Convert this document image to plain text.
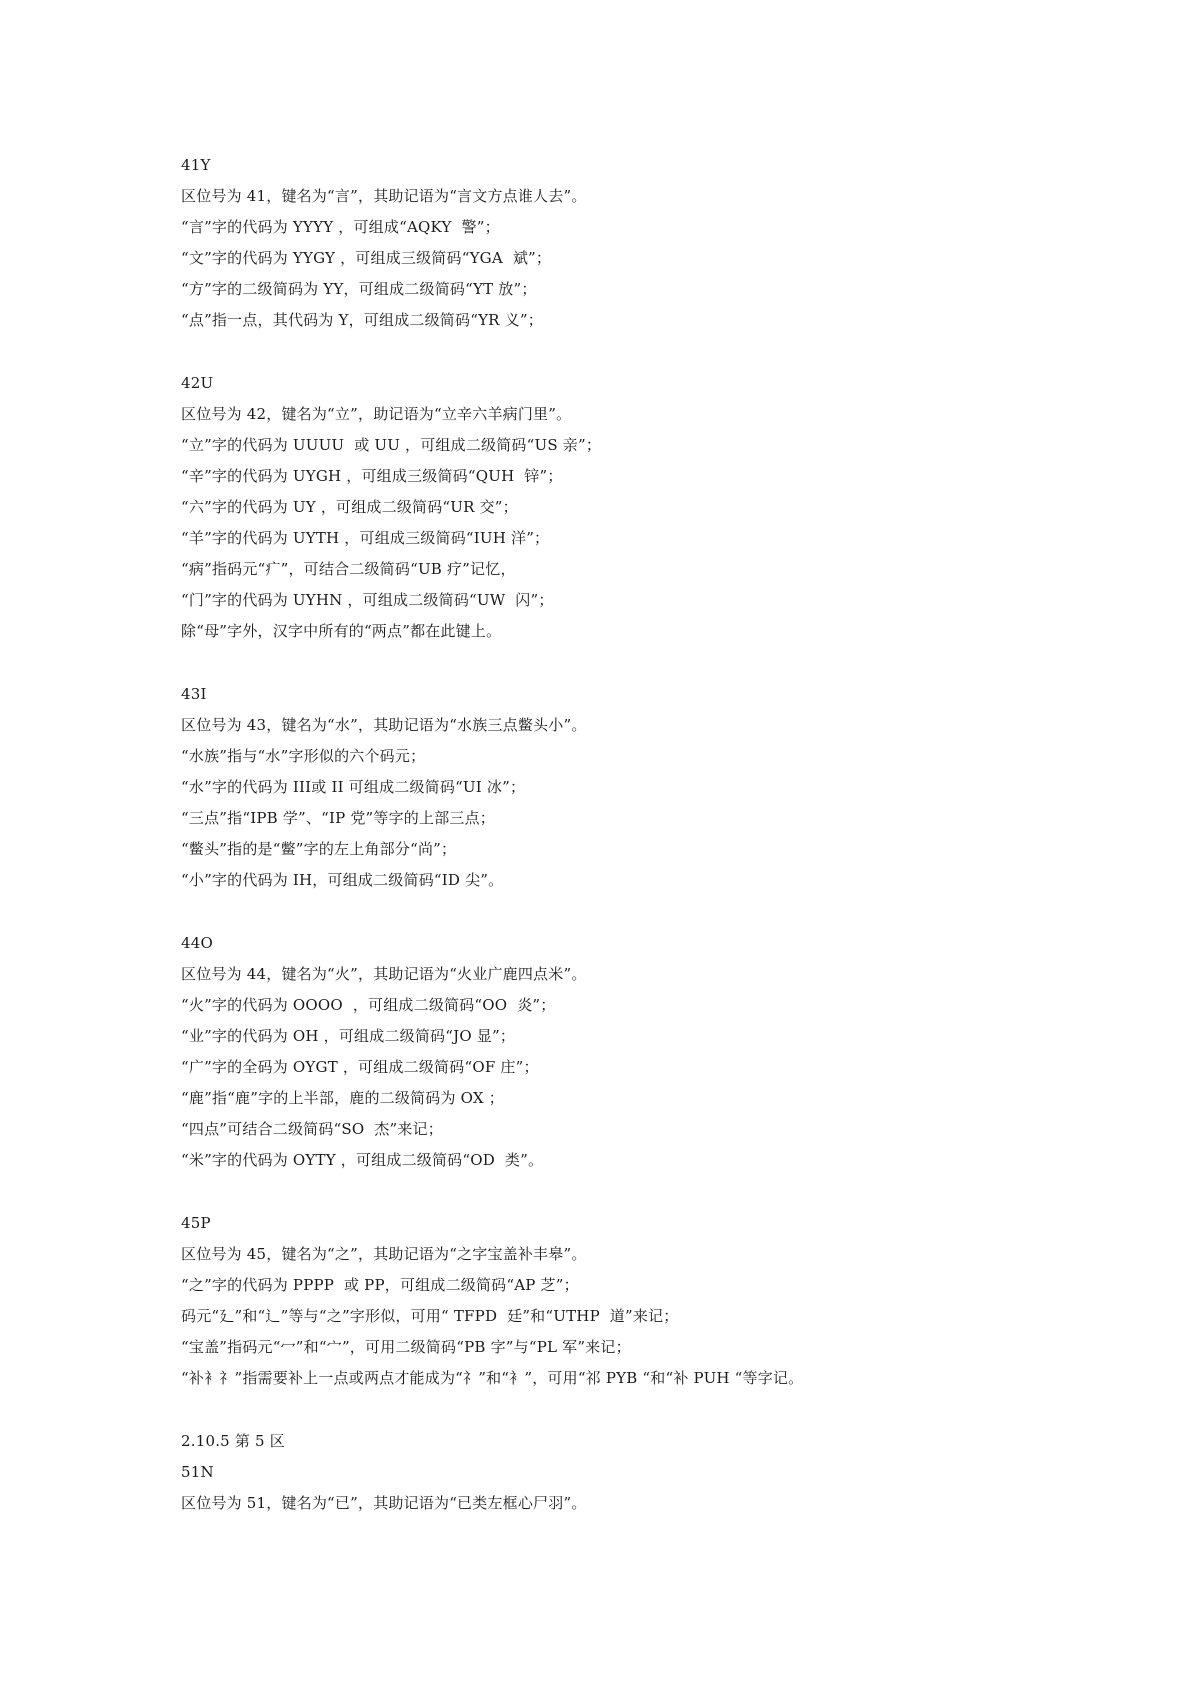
41Y
区位号为 41，键名为“言”，其助记语为“言文方点谁人去”。
“言”字的代码为 YYYY ，可组成“AQKY  警”；
“文”字的代码为 YYGY ，可组成三级简码“YGA  斌”；
“方”字的二级简码为 YY，可组成二级简码“YT 放”；
“点”指一点，其代码为 Y，可组成二级简码“YR 义”；
42U
区位号为 42，键名为“立”，助记语为“立辛六羊病门里”。
“立”字的代码为 UUUU  或 UU ，可组成二级简码“US 亲”；
“辛”字的代码为 UYGH ，可组成三级简码“QUH  锌”；
“六”字的代码为 UY ，可组成二级简码“UR 交”；
“羊”字的代码为 UYTH ，可组成三级简码“IUH 洋”；
“病”指码元“疒”，可结合二级简码“UB 疗”记忆，
“门”字的代码为 UYHN ，可组成二级简码“UW  闪”；
除“母”字外，汉字中所有的“两点”都在此键上。
43I
区位号为 43，键名为“水”，其助记语为“水族三点鳖头小”。
“水族”指与“水”字形似的六个码元；
“水”字的代码为 III或 II 可组成二级简码“UI 冰”；
“三点”指“IPB 学”、“IP 党”等字的上部三点；
“鳖头”指的是“鳖”字的左上角部分“尚”；
“小”字的代码为 IH，可组成二级简码“ID 尖”。
44O
区位号为 44，键名为“火”，其助记语为“火业广鹿四点米”。
“火”字的代码为 OOOO  ，可组成二级简码“OO  炎”；
“业”字的代码为 OH ，可组成二级简码“JO 显”；
“广”字的全码为 OYGT ，可组成二级简码“OF 庄”；
“鹿”指“鹿”字的上半部，鹿的二级简码为 OX ；
“四点”可结合二级简码“SO  杰”来记；
“米”字的代码为 OYTY ，可组成二级简码“OD  类”。
45P
区位号为 45，键名为“之”，其助记语为“之字宝盖补丰皋”。
“之”字的代码为 PPPP  或 PP，可组成二级简码“AP 芝”；
码元“廴”和“辶”等与“之”字形似，可用“ TFPD  廷”和“UTHP  道”来记；
“宝盖”指码元“冖”和“宀”，可用二级简码“PB 字”与“PL 军”来记；
“补衤礻”指需要补上一点或两点才能成为“礻”和“衤”，可用“祁 PYB “和“补 PUH “等字记。
2.10.5 第 5 区
51N
区位号为 51，键名为“已”，其助记语为“已类左框心尸羽”。
